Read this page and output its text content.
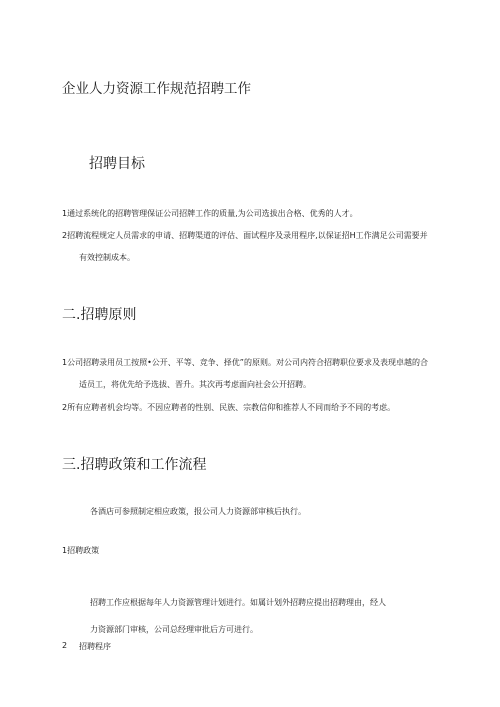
企业人力资源工作规范招聘工作

招聘目标

1通过系统化的招聘管理保证公司招牌工作的质量,为公司选拔出合格、优秀的人才。

2招聘流程规定人员需求的申请、招聘渠道的评估、面试程序及录用程序,以保证招H工作满足公司需要并

有效控制成本。

二.招聘原则

1公司招聘录用员工按照•公开、平等、竞争、择优”的原则。对公司内符合招聘职位要求及表现卓越的合

适员工，将优先给予选拔、晋升。其次再考虑面向社会公开招聘。

2所有应聘者机会均等。不因应聘者的性别、民族、宗教信仰和推荐人不同而给予不同的考虑。

三.招聘政策和工作流程

各酒店可参照制定相应政策，报公司人力资源部审核后执行。

1招聘政策

招聘工作应根据每年人力资源管理计划进行。如属计划外招聘应提出招聘理由，经人

力资源部门审核，公司总经理审批后方可进行。

2 招聘程序
